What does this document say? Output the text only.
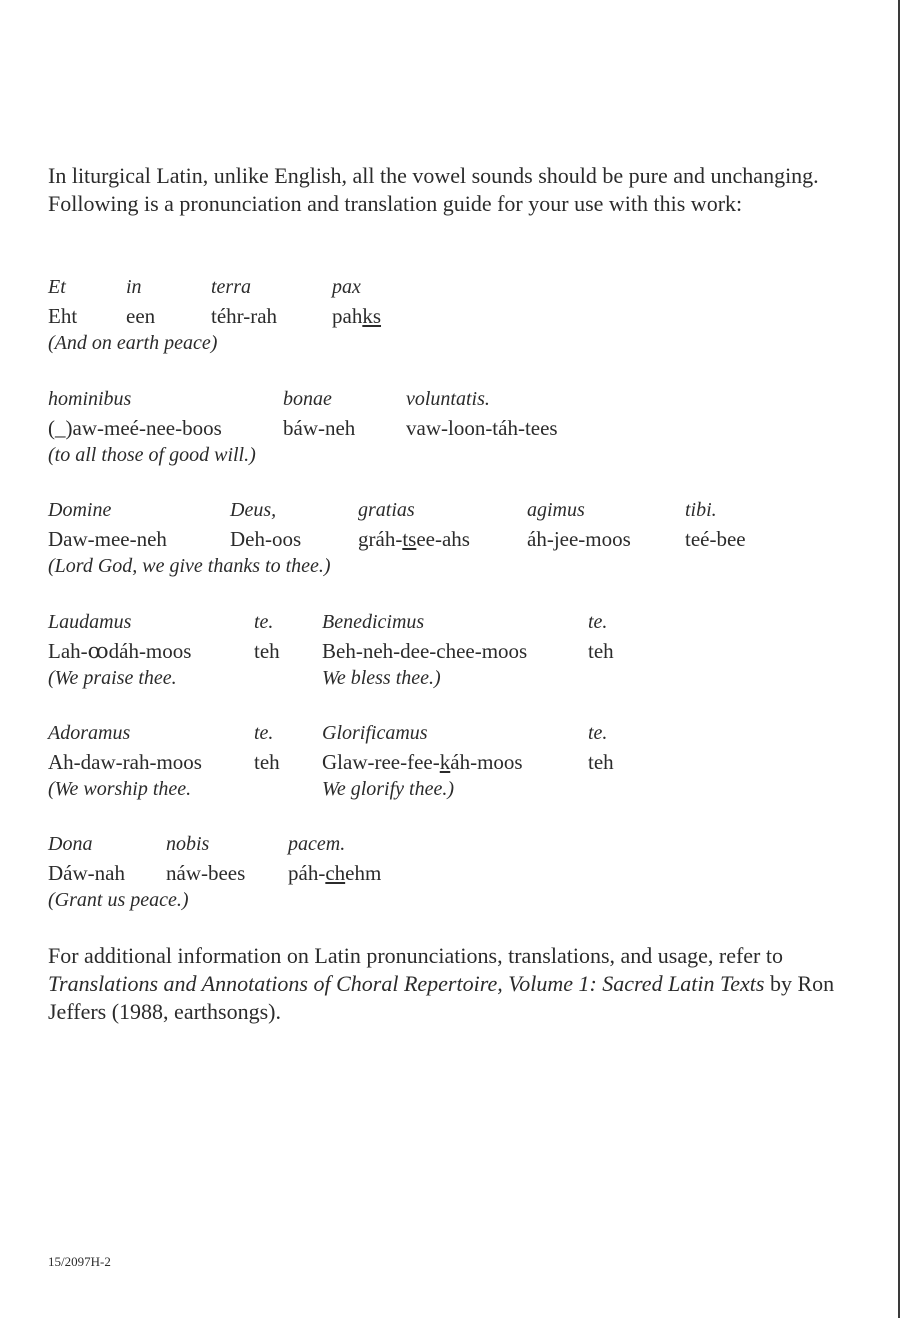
In liturgical Latin, unlike English, all the vowel sounds should be pure and unchanging. Following is a pronunciation and translation guide for your use with this work:

Et	in	terra	pax
Eht een	téhr-rah	pahks
(And on earth peace)
hominibus	bonae	voluntatis.
(_)aw-meé-nee-boos	báw-neh vaw-loon-táh-tees
(to all those of good will.)
Domine	Deus,	gratias	agimus	tibi.
Daw-mee-neh	Deh-oos	gráh-tsee-ahs	áh-jee-moos	teé-bee
(Lord God, we give thanks to thee.)
Laudamus	te. Benedicimus	te.
Lah-ꝏdáh-moos	teh Beh-neh-dee-chee-moos	teh
(We praise thee.	We bless thee.)
Adoramus	te. Glorificamus	te.
Ah-daw-rah-moos teh Glaw-ree-fee-káh-moos	teh
(We worship thee.	We glorify thee.)
Dona	nobis	pacem.
Dáw-nah náw-bees páh-chehm
(Grant us peace.)

For additional information on Latin pronunciations, translations, and usage, refer to Translations and Annotations of Choral Repertoire, Volume 1: Sacred Latin Texts by Ron Jeffers (1988, earthsongs).

15/2097H-2
